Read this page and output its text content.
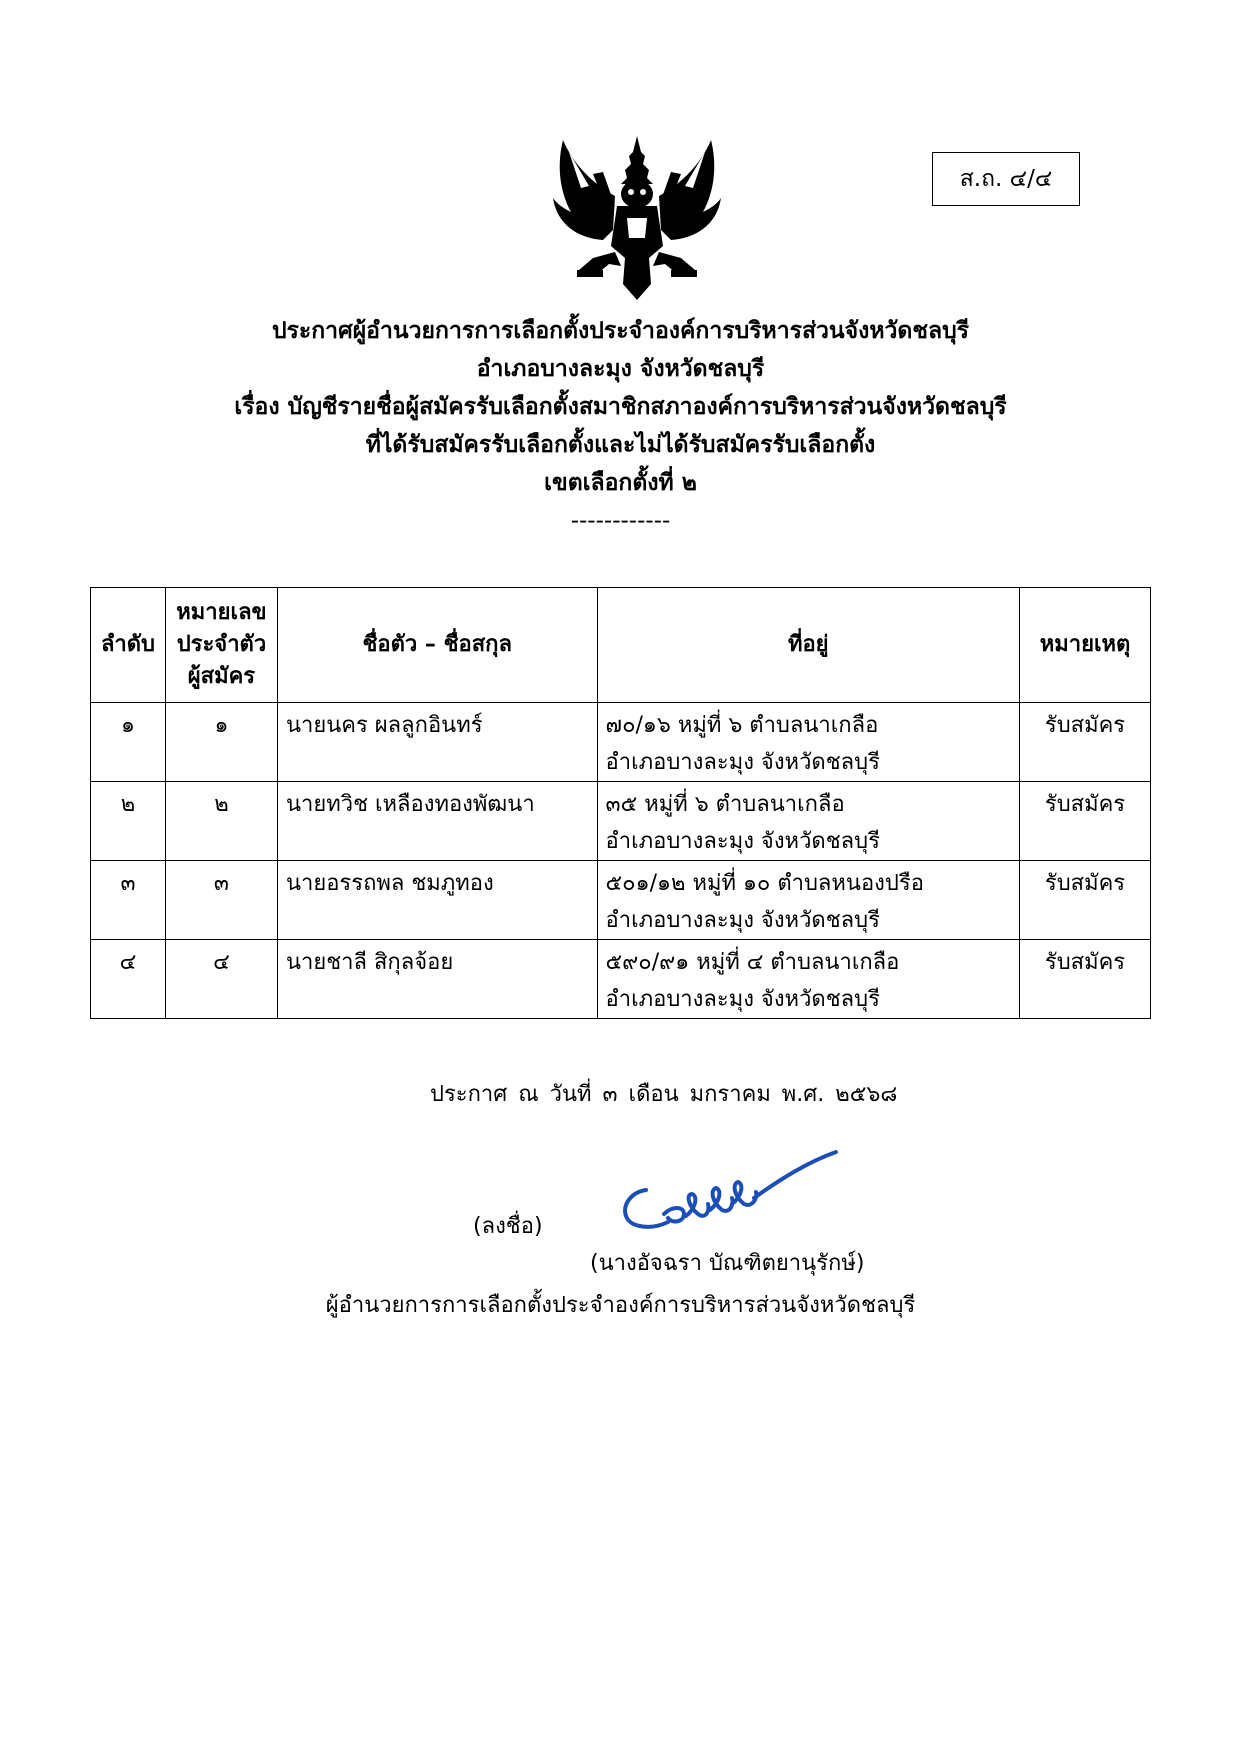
ส.ถ. ๔/๔
ประกาศผู้อำนวยการการเลือกตั้งประจำองค์การบริหารส่วนจังหวัดชลบุรี
อำเภอบางละมุง จังหวัดชลบุรี
เรื่อง บัญชีรายชื่อผู้สมัครรับเลือกตั้งสมาชิกสภาองค์การบริหารส่วนจังหวัดชลบุรี
ที่ได้รับสมัครรับเลือกตั้งและไม่ได้รับสมัครรับเลือกตั้ง
เขตเลือกตั้งที่ ๒
------------
ลำดับ	หมายเลข
ประจำตัว
ผู้สมัคร	ชื่อตัว – ชื่อสกุล	ที่อยู่	หมายเหตุ
๑	๑	นายนคร ผลลูกอินทร์	๗๐/๑๖ หมู่ที่ ๖ ตำบลนาเกลือ
อำเภอบางละมุง จังหวัดชลบุรี	รับสมัคร
๒	๒	นายทวิช เหลืองทองพัฒนา	๓๕ หมู่ที่ ๖ ตำบลนาเกลือ
อำเภอบางละมุง จังหวัดชลบุรี	รับสมัคร
๓	๓	นายอรรถพล ชมภูทอง	๕๐๑/๑๒ หมู่ที่ ๑๐ ตำบลหนองปรือ
อำเภอบางละมุง จังหวัดชลบุรี	รับสมัคร
๔	๔	นายชาลี สิกุลจ้อย	๕๙๐/๙๑ หมู่ที่ ๔ ตำบลนาเกลือ
อำเภอบางละมุง จังหวัดชลบุรี	รับสมัคร
ประกาศ ณ วันที่ ๓ เดือน มกราคม พ.ศ. ๒๕๖๘
(ลงชื่อ)
(นางอัจฉรา บัณฑิตยานุรักษ์)
ผู้อำนวยการการเลือกตั้งประจำองค์การบริหารส่วนจังหวัดชลบุรี
